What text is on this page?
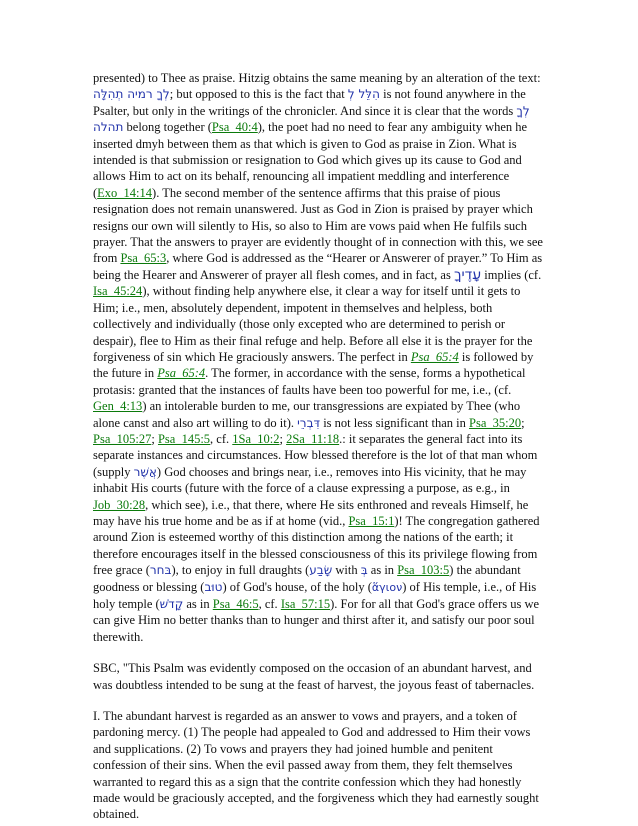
presented) to Thee as praise. Hitzig obtains the same meaning by an alteration of the text: לְךָ רמיה תְהִלָּה; but opposed to this is the fact that הִלֵּל לְ is not found anywhere in the Psalter, but only in the writings of the chronicler. And since it is clear that the words לְךָ תהלה belong together (Psa_40:4), the poet had no need to fear any ambiguity when he inserted dmyh between them as that which is given to God as praise in Zion. What is intended is that submission or resignation to God which gives up its cause to God and allows Him to act on its behalf, renouncing all impatient meddling and interference (Exo_14:14). The second member of the sentence affirms that this praise of pious resignation does not remain unanswered. Just as God in Zion is praised by prayer which resigns our own will silently to His, so also to Him are vows paid when He fulfils such prayer. That the answers to prayer are evidently thought of in connection with this, we see from Psa_65:3, where God is addressed as the “Hearer or Answerer of prayer.” To Him as being the Hearer and Answerer of prayer all flesh comes, and in fact, as עָדֶיךָ implies (cf. Isa_45:24), without finding help anywhere else, it clear a way for itself until it gets to Him; i.e., men, absolutely dependent, impotent in themselves and helpless, both collectively and individually (those only excepted who are determined to perish or despair), flee to Him as their final refuge and help. Before all else it is the prayer for the forgiveness of sin which He graciously answers. The perfect in Psa_65:4 is followed by the future in Psa_65:4. The former, in accordance with the sense, forms a hypothetical protasis: granted that the instances of faults have been too powerful for me, i.e., (cf. Gen_4:13) an intolerable burden to me, our transgressions are expiated by Thee (who alone canst and also art willing to do it). דִּבְרֵי is not less significant than in Psa_35:20; Psa_105:27; Psa_145:5, cf. 1Sa_10:2; 2Sa_11:18.: it separates the general fact into its separate instances and circumstances. How blessed therefore is the lot of that man whom (supply אֲשֶׁר) God chooses and brings near, i.e., removes into His vicinity, that he may inhabit His courts (future with the force of a clause expressing a purpose, as e.g., in Job_30:28, which see), i.e., that there, where He sits enthroned and reveals Himself, he may have his true home and be as if at home (vid., Psa_15:1)! The congregation gathered around Zion is esteemed worthy of this distinction among the nations of the earth; it therefore encourages itself in the blessed consciousness of this its privilege flowing from free grace (בּחר), to enjoy in full draughts (שָׂבַע with בְּ as in Psa_103:5) the abundant goodness or blessing (טוּב) of God's house, of the holy (ἅγιον) of His temple, i.e., of His holy temple (קָדֹשׁ as in Psa_46:5, cf. Isa_57:15). For for all that God's grace offers us we can give Him no better thanks than to hunger and thirst after it, and satisfy our poor soul therewith.

SBC, "This Psalm was evidently composed on the occasion of an abundant harvest, and was doubtless intended to be sung at the feast of harvest, the joyous feast of tabernacles.

I. The abundant harvest is regarded as an answer to vows and prayers, and a token of pardoning mercy. (1) The people had appealed to God and addressed to Him their vows and supplications. (2) To vows and prayers they had joined humble and penitent confession of their sins. When the evil passed away from them, they felt themselves warranted to regard this as a sign that the contrite confession which they had honestly made would be graciously accepted, and the forgiveness which they had earnestly sought obtained.
